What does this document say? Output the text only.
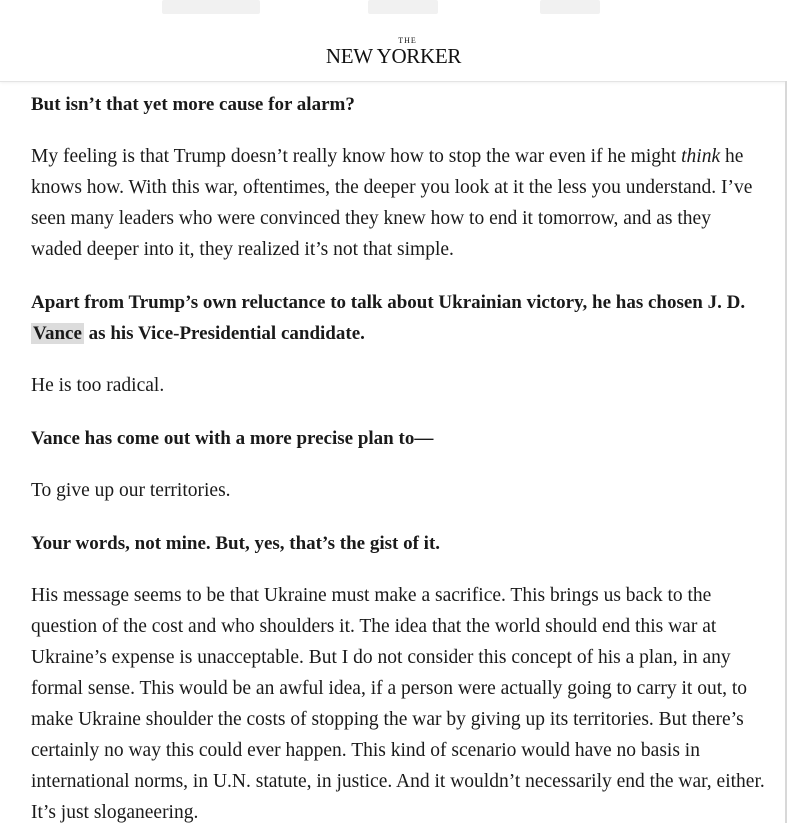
THE
NEW YORKER

But isn’t that yet more cause for alarm?

My feeling is that Trump doesn’t really know how to stop the war even if he might think he knows how. With this war, oftentimes, the deeper you look at it the less you understand. I’ve seen many leaders who were convinced they knew how to end it tomorrow, and as they waded deeper into it, they realized it’s not that simple.

Apart from Trump’s own reluctance to talk about Ukrainian victory, he has chosen J. D. Vance as his Vice-Presidential candidate.

He is too radical.

Vance has come out with a more precise plan to—

To give up our territories.

Your words, not mine. But, yes, that’s the gist of it.

His message seems to be that Ukraine must make a sacrifice. This brings us back to the question of the cost and who shoulders it. The idea that the world should end this war at Ukraine’s expense is unacceptable. But I do not consider this concept of his a plan, in any formal sense. This would be an awful idea, if a person were actually going to carry it out, to make Ukraine shoulder the costs of stopping the war by giving up its territories. But there’s certainly no way this could ever happen. This kind of scenario would have no basis in international norms, in U.N. statute, in justice. And it wouldn’t necessarily end the war, either. It’s just sloganeering.
